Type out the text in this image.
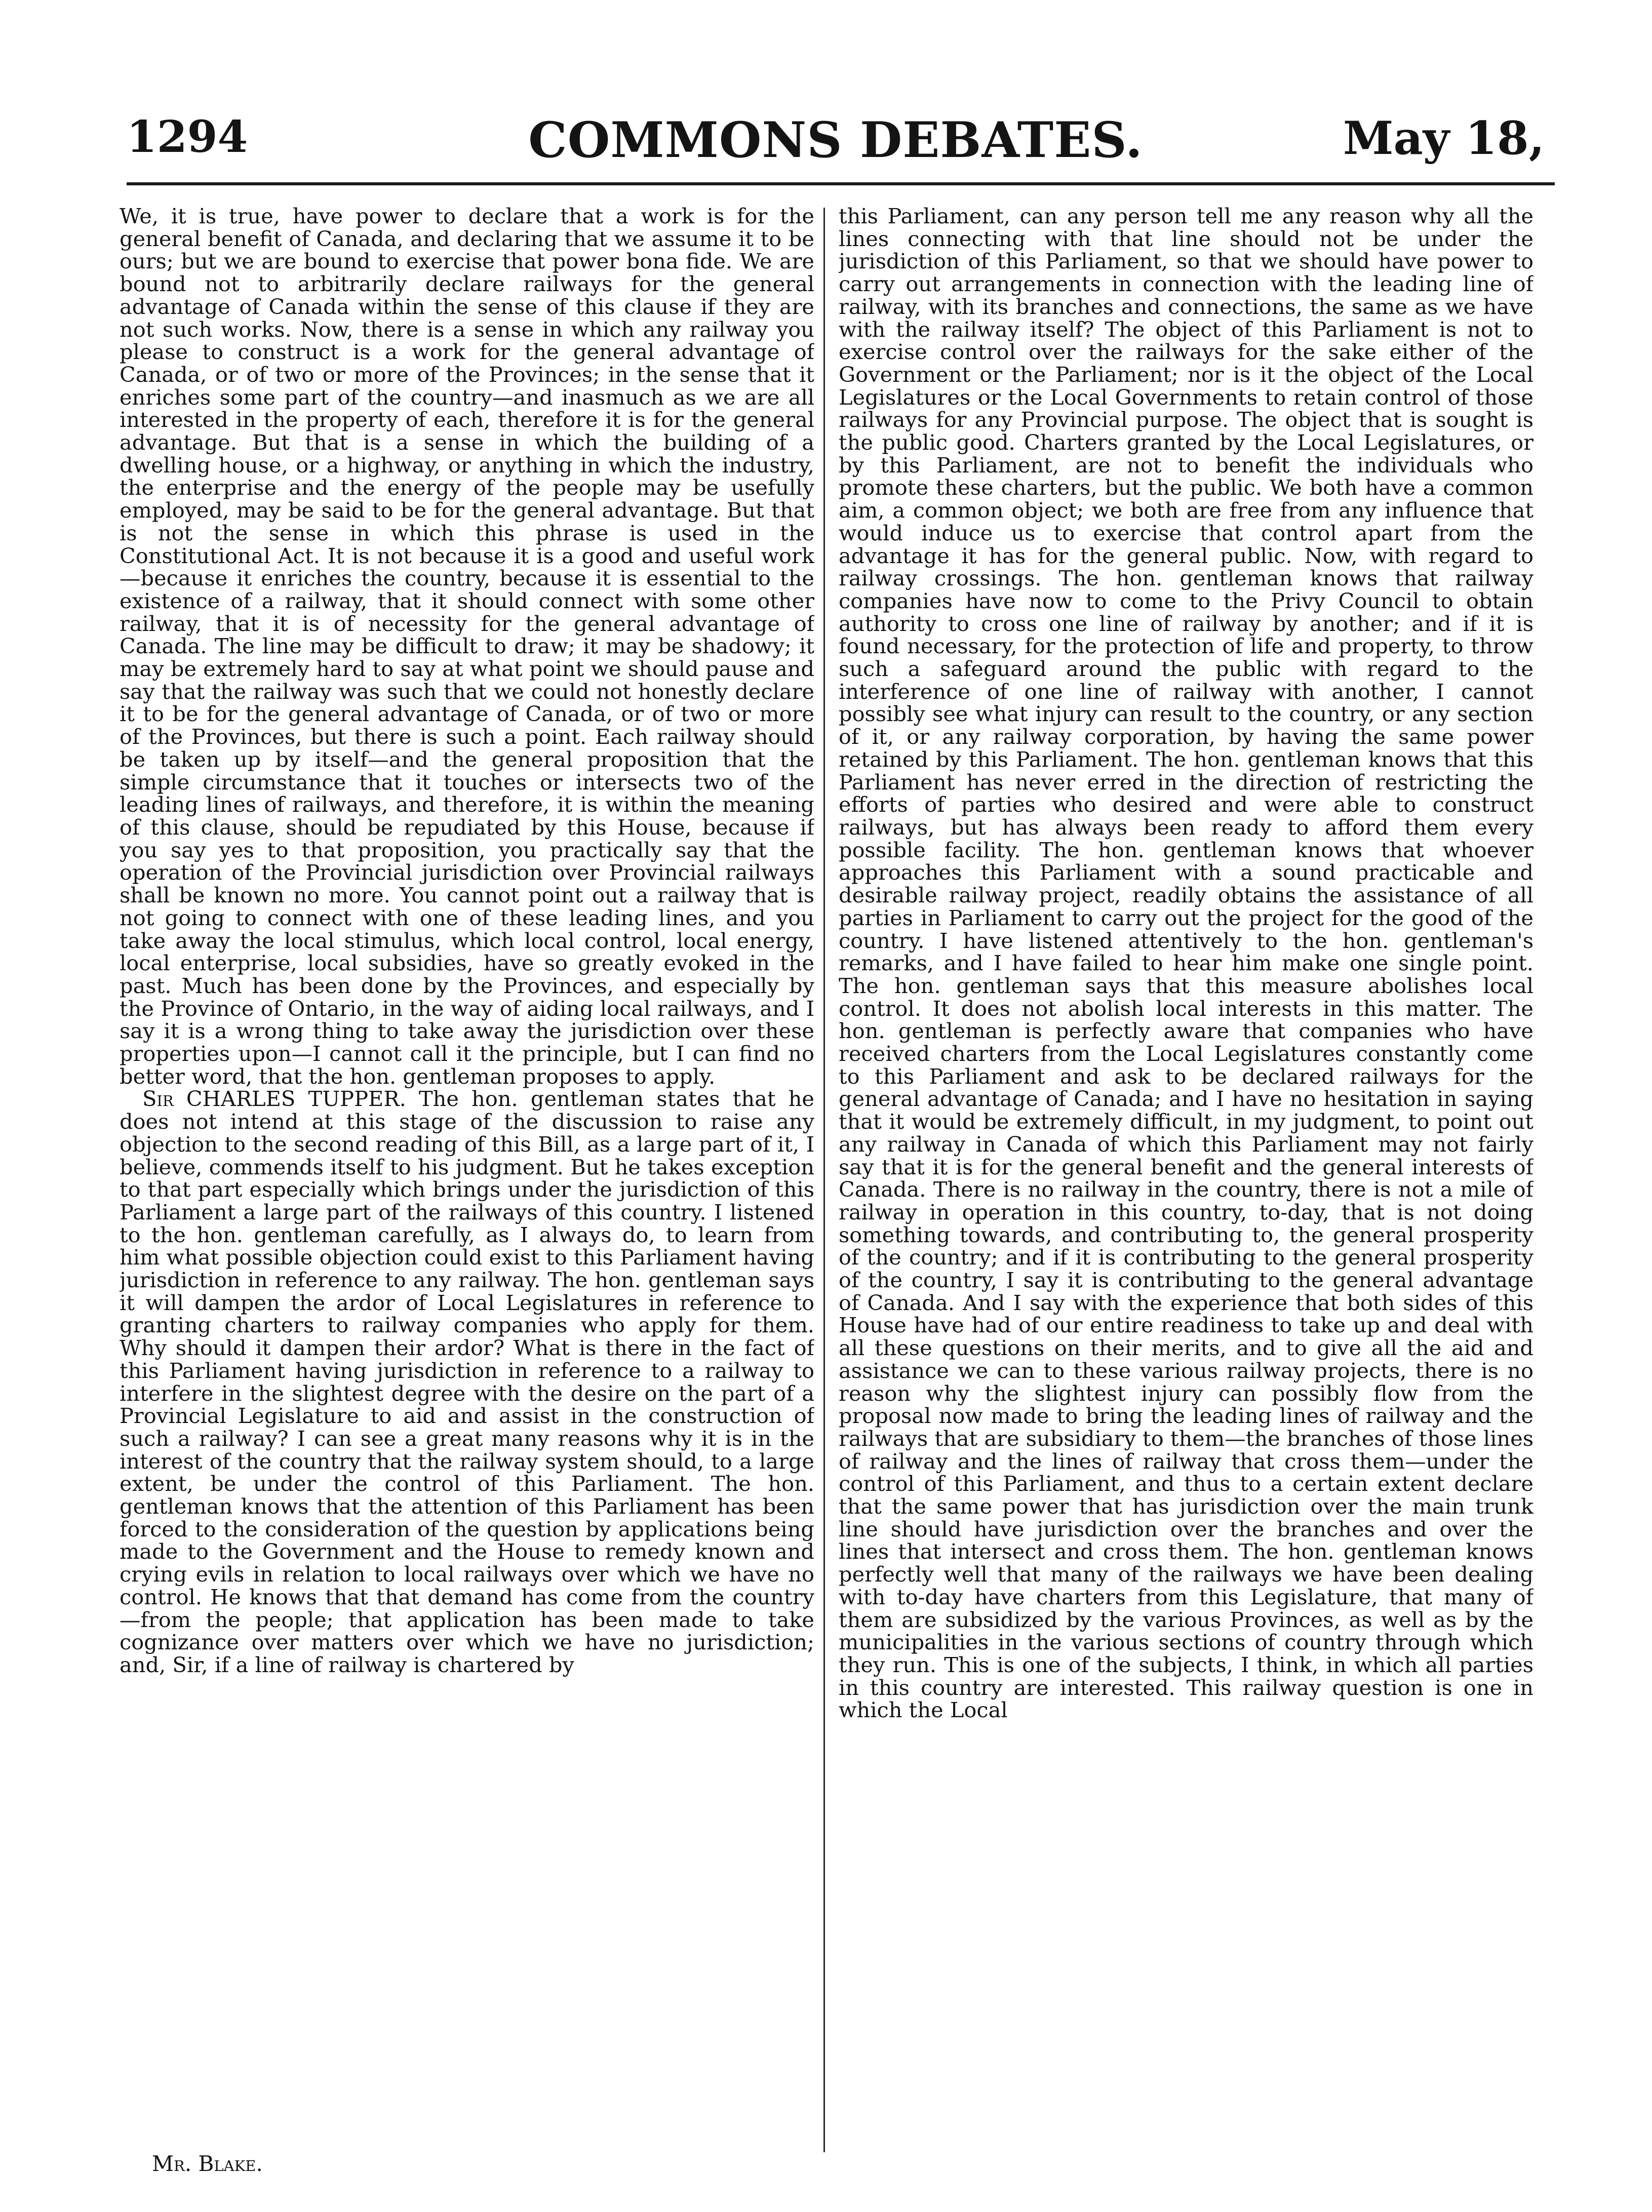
1294	COMMONS DEBATES.	May 18,

We, it is true, have power to declare that a work is for the general benefit of Canada, and declaring that we assume it to be ours; but we are bound to exercise that power bona fide. We are bound not to arbitrarily declare railways for the general advantage of Canada within the sense of this clause if they are not such works. Now, there is a sense in which any railway you please to construct is a work for the general advantage of Canada, or of two or more of the Provinces; in the sense that it enriches some part of the country—and inasmuch as we are all interested in the property of each, therefore it is for the general advantage. But that is a sense in which the building of a dwelling house, or a highway, or anything in which the industry, the enterprise and the energy of the people may be usefully employed, may be said to be for the general advantage. But that is not the sense in which this phrase is used in the Constitutional Act. It is not because it is a good and useful work—because it enriches the country, because it is essential to the existence of a railway, that it should connect with some other railway, that it is of necessity for the general advantage of Canada. The line may be difficult to draw; it may be shadowy; it may be extremely hard to say at what point we should pause and say that the railway was such that we could not honestly declare it to be for the general advantage of Canada, or of two or more of the Provinces, but there is such a point. Each railway should be taken up by itself—and the general proposition that the simple circumstance that it touches or intersects two of the leading lines of railways, and therefore, it is within the meaning of this clause, should be repudiated by this House, because if you say yes to that proposition, you practically say that the operation of the Provincial jurisdiction over Provincial railways shall be known no more. You cannot point out a railway that is not going to connect with one of these leading lines, and you take away the local stimulus, which local control, local energy, local enterprise, local subsidies, have so greatly evoked in the past. Much has been done by the Provinces, and especially by the Province of Ontario, in the way of aiding local railways, and I say it is a wrong thing to take away the jurisdiction over these properties upon—I cannot call it the principle, but I can find no better word, that the hon. gentleman proposes to apply.

Sir CHARLES TUPPER. The hon. gentleman states that he does not intend at this stage of the discussion to raise any objection to the second reading of this Bill, as a large part of it, I believe, commends itself to his judgment. But he takes exception to that part especially which brings under the jurisdiction of this Parliament a large part of the railways of this country. I listened to the hon. gentleman carefully, as I always do, to learn from him what possible objection could exist to this Parliament having jurisdiction in reference to any railway. The hon. gentleman says it will dampen the ardor of Local Legislatures in reference to granting charters to railway companies who apply for them. Why should it dampen their ardor? What is there in the fact of this Parliament having jurisdiction in reference to a railway to interfere in the slightest degree with the desire on the part of a Provincial Legislature to aid and assist in the construction of such a railway? I can see a great many reasons why it is in the interest of the country that the railway system should, to a large extent, be under the control of this Parliament. The hon. gentleman knows that the attention of this Parliament has been forced to the consideration of the question by applications being made to the Government and the House to remedy known and crying evils in relation to local railways over which we have no control. He knows that that demand has come from the country—from the people; that application has been made to take cognizance over matters over which we have no jurisdiction; and, Sir, if a line of railway is chartered by

this Parliament, can any person tell me any reason why all the lines connecting with that line should not be under the jurisdiction of this Parliament, so that we should have power to carry out arrangements in connection with the leading line of railway, with its branches and connections, the same as we have with the railway itself? The object of this Parliament is not to exercise control over the railways for the sake either of the Government or the Parliament; nor is it the object of the Local Legislatures or the Local Governments to retain control of those railways for any Provincial purpose. The object that is sought is the public good. Charters granted by the Local Legislatures, or by this Parliament, are not to benefit the individuals who promote these charters, but the public. We both have a common aim, a common object; we both are free from any influence that would induce us to exercise that control apart from the advantage it has for the general public. Now, with regard to railway crossings. The hon. gentleman knows that railway companies have now to come to the Privy Council to obtain authority to cross one line of railway by another; and if it is found necessary, for the protection of life and property, to throw such a safeguard around the public with regard to the interference of one line of railway with another, I cannot possibly see what injury can result to the country, or any section of it, or any railway corporation, by having the same power retained by this Parliament. The hon. gentleman knows that this Parliament has never erred in the direction of restricting the efforts of parties who desired and were able to construct railways, but has always been ready to afford them every possible facility. The hon. gentleman knows that whoever approaches this Parliament with a sound practicable and desirable railway project, readily obtains the assistance of all parties in Parliament to carry out the project for the good of the country. I have listened attentively to the hon. gentleman's remarks, and I have failed to hear him make one single point. The hon. gentleman says that this measure abolishes local control. It does not abolish local interests in this matter. The hon. gentleman is perfectly aware that companies who have received charters from the Local Legislatures constantly come to this Parliament and ask to be declared railways for the general advantage of Canada; and I have no hesitation in saying that it would be extremely difficult, in my judgment, to point out any railway in Canada of which this Parliament may not fairly say that it is for the general benefit and the general interests of Canada. There is no railway in the country, there is not a mile of railway in operation in this country, to-day, that is not doing something towards, and contributing to, the general prosperity of the country; and if it is contributing to the general prosperity of the country, I say it is contributing to the general advantage of Canada. And I say with the experience that both sides of this House have had of our entire readiness to take up and deal with all these questions on their merits, and to give all the aid and assistance we can to these various railway projects, there is no reason why the slightest injury can possibly flow from the proposal now made to bring the leading lines of railway and the railways that are subsidiary to them—the branches of those lines of railway and the lines of railway that cross them—under the control of this Parliament, and thus to a certain extent declare that the same power that has jurisdiction over the main trunk line should have jurisdiction over the branches and over the lines that intersect and cross them. The hon. gentleman knows perfectly well that many of the railways we have been dealing with to-day have charters from this Legislature, that many of them are subsidized by the various Provinces, as well as by the municipalities in the various sections of country through which they run. This is one of the subjects, I think, in which all parties in this country are interested. This railway question is one in which the Local

Mr. Blake.
